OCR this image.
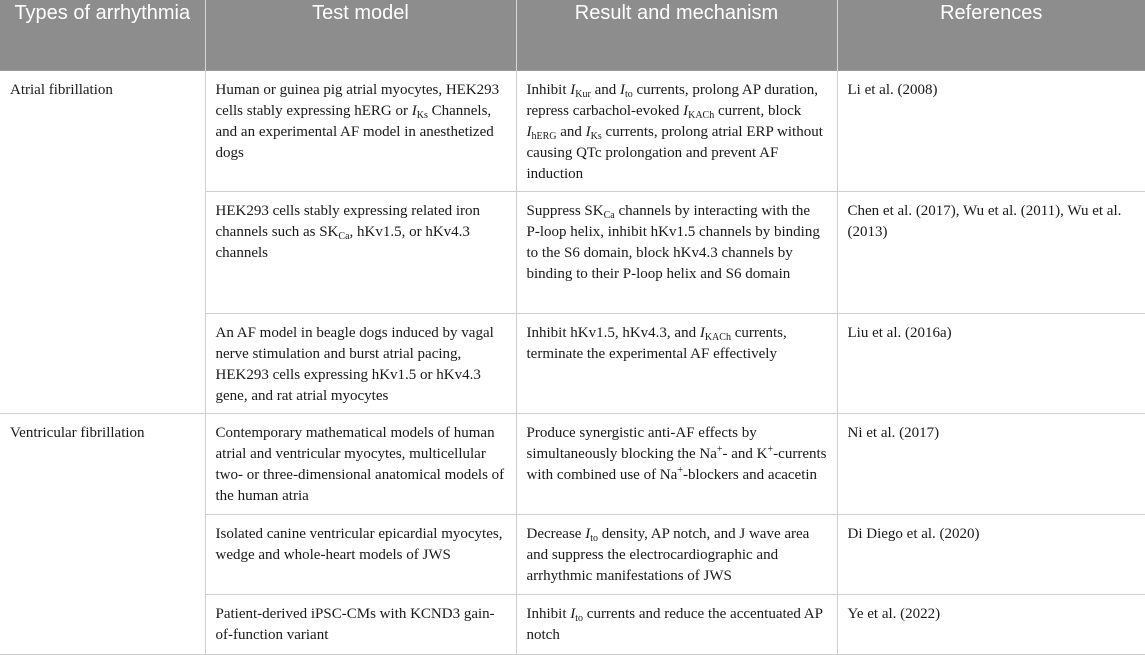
Types of arrhythmia	Test model	Result and mechanism	References
Atrial fibrillation	Human or guinea pig atrial myocytes, HEK293 cells stably expressing hERG or $I_{Ks}$ Channels, and an experimental AF model in anesthetized dogs	Inhibit $I_{Kur}$ and $I_{to}$ currents, prolong AP duration, repress carbachol-evoked $I_{KACh}$ current, block $I_{hERG}$ and $I_{Ks}$ currents, prolong atrial ERP without causing QTc prolongation and prevent AF induction	Li et al. (2008)
	HEK293 cells stably expressing related iron channels such as $SK_{Ca}$, hKv1.5, or hKv4.3 channels	Suppress $SK_{Ca}$ channels by interacting with the P-loop helix, inhibit hKv1.5 channels by binding to the S6 domain, block hKv4.3 channels by binding to their P-loop helix and S6 domain	Chen et al. (2017), Wu et al. (2011), Wu et al. (2013)
	An AF model in beagle dogs induced by vagal nerve stimulation and burst atrial pacing, HEK293 cells expressing hKv1.5 or hKv4.3 gene, and rat atrial myocytes	Inhibit hKv1.5, hKv4.3, and $I_{KACh}$ currents, terminate the experimental AF effectively	Liu et al. (2016a)
Ventricular fibrillation	Contemporary mathematical models of human atrial and ventricular myocytes, multicellular two- or three-dimensional anatomical models of the human atria	Produce synergistic anti-AF effects by simultaneously blocking the Na+- and K+-currents with combined use of Na+-blockers and acacetin	Ni et al. (2017)
	Isolated canine ventricular epicardial myocytes, wedge and whole-heart models of JWS	Decrease $I_{to}$ density, AP notch, and J wave area and suppress the electrocardiographic and arrhythmic manifestations of JWS	Di Diego et al. (2020)
	Patient-derived iPSC-CMs with KCND3 gain-of-function variant	Inhibit $I_{to}$ currents and reduce the accentuated AP notch	Ye et al. (2022)
